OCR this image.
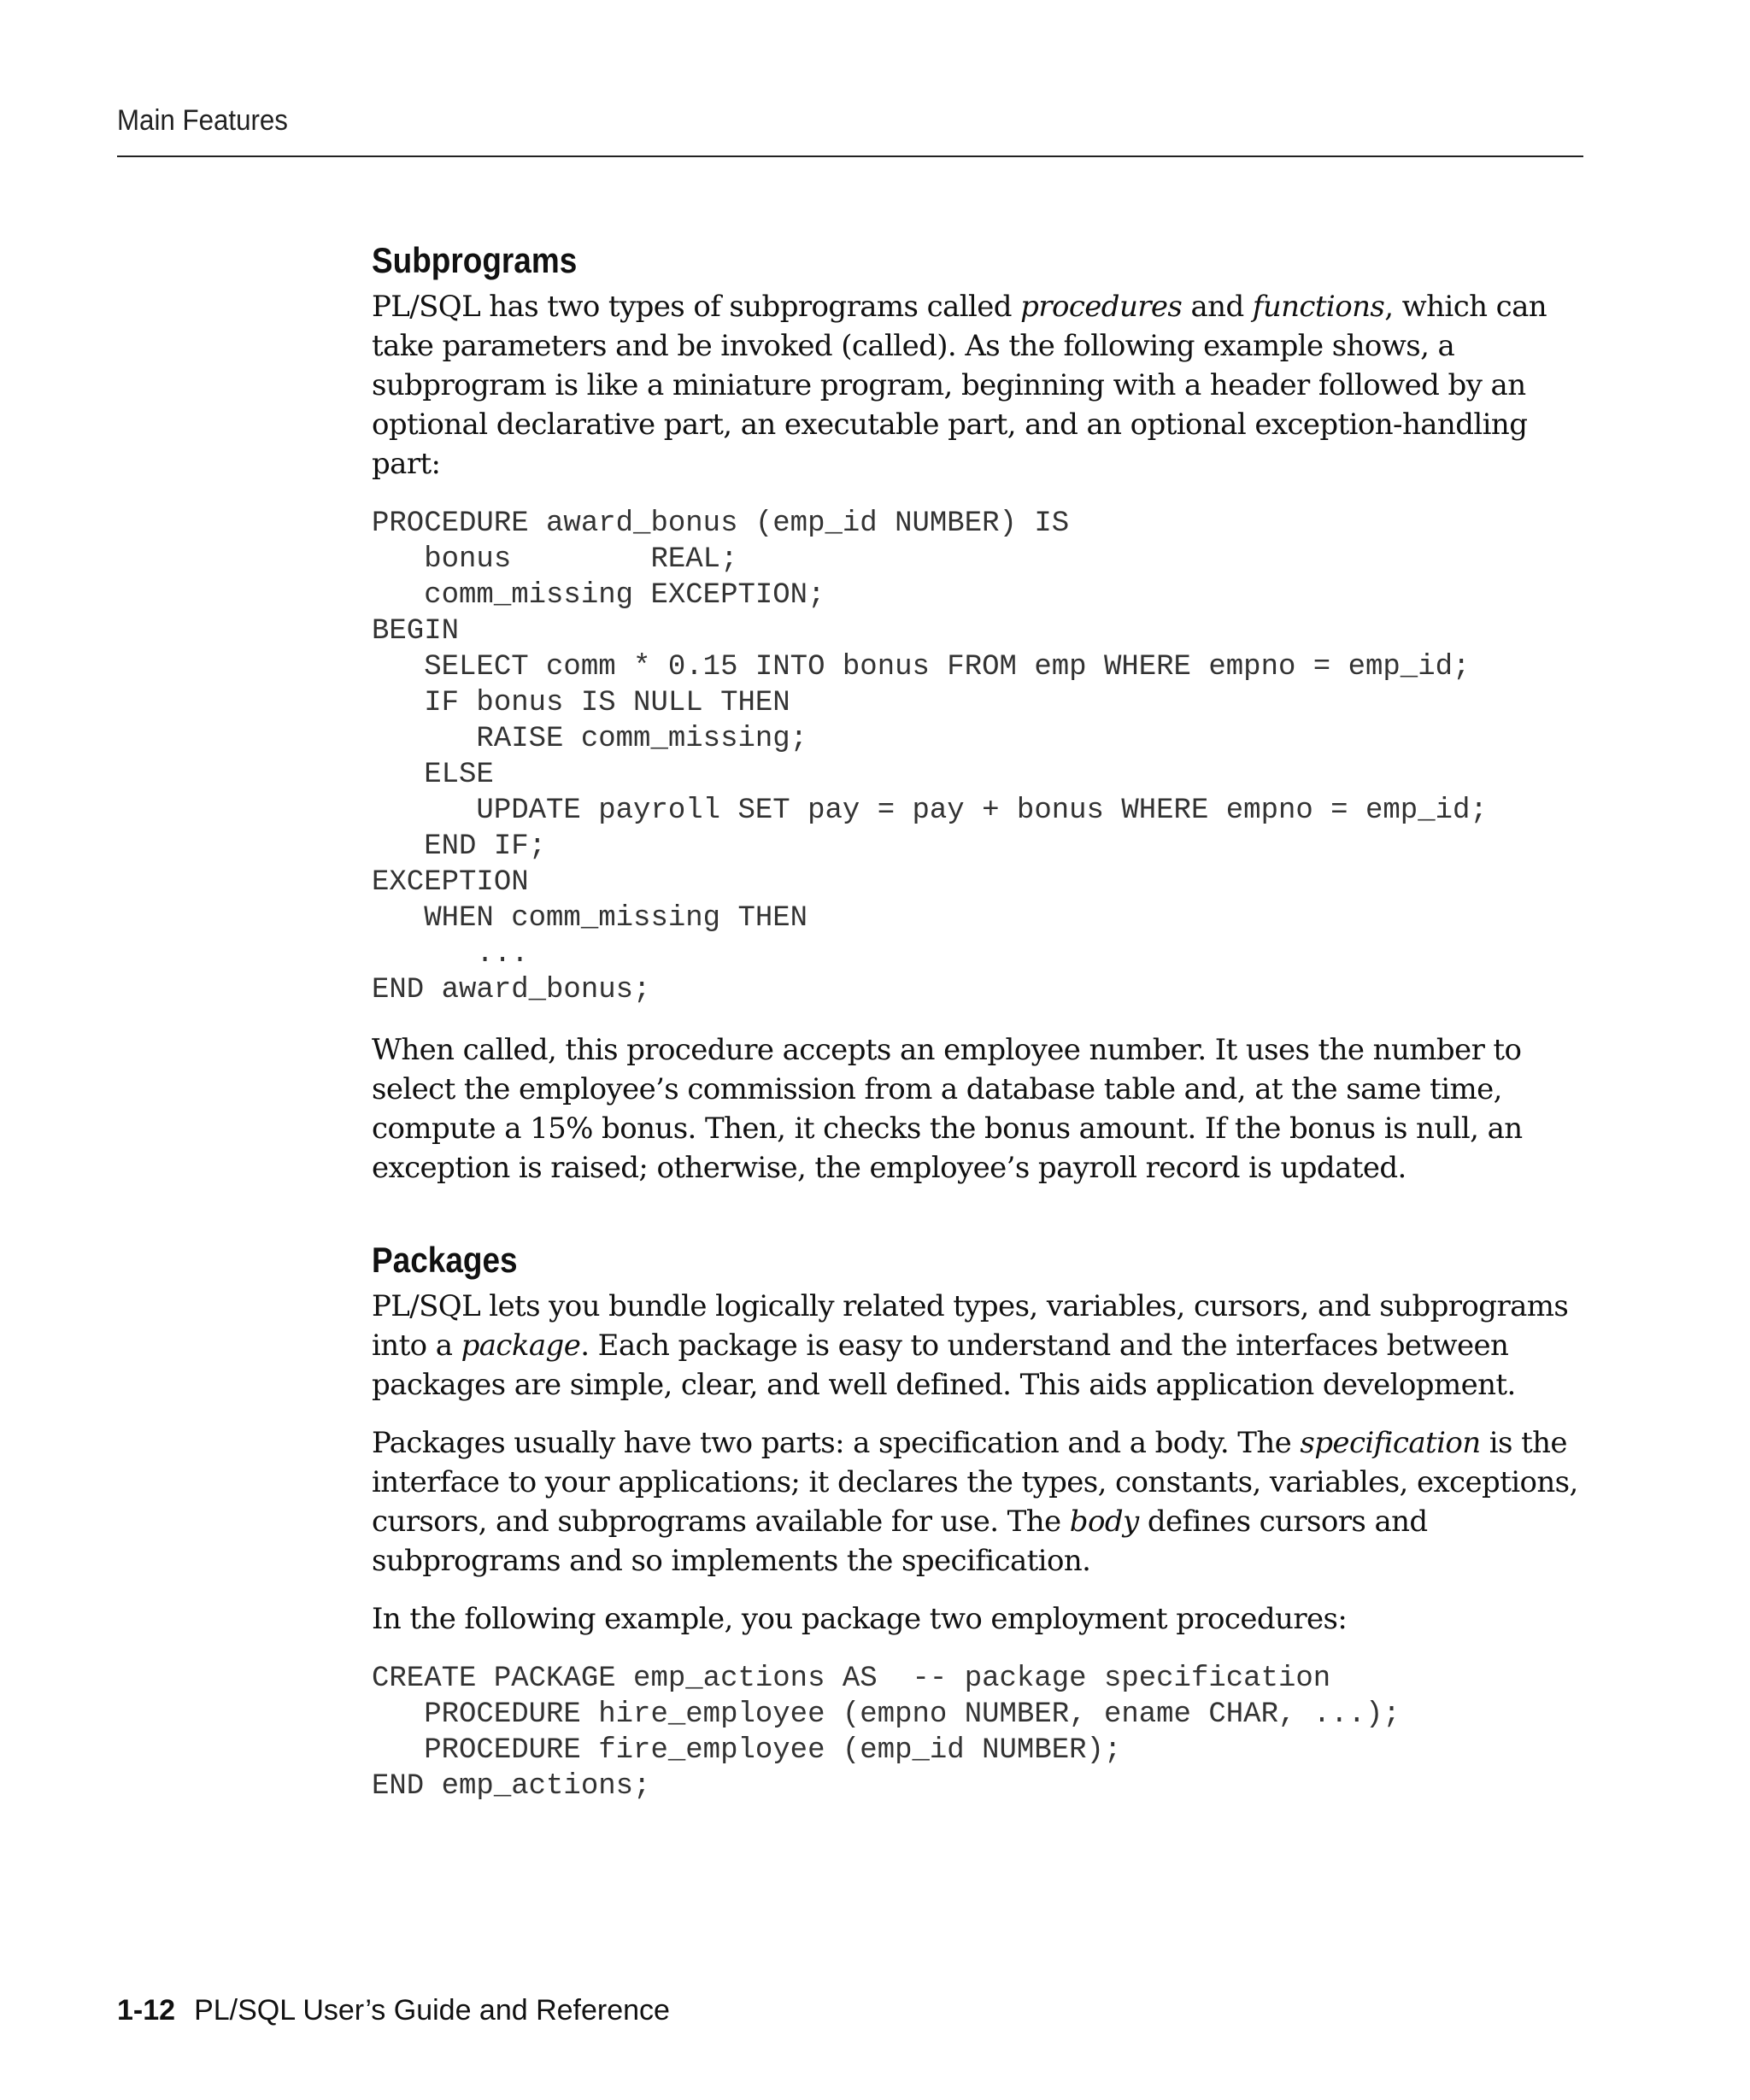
Main Features
Subprograms

PL/SQL has two types of subprograms called procedures and functions, which can take parameters and be invoked (called). As the following example shows, a subprogram is like a miniature program, beginning with a header followed by an optional declarative part, an executable part, and an optional exception-handling part:

PROCEDURE award_bonus (emp_id NUMBER) IS
bonus        REAL;
comm_missing EXCEPTION;
BEGIN
SELECT comm * 0.15 INTO bonus FROM emp WHERE empno = emp_id;
IF bonus IS NULL THEN
RAISE comm_missing;
ELSE
UPDATE payroll SET pay = pay + bonus WHERE empno = emp_id;
END IF;
EXCEPTION
WHEN comm_missing THEN
...
END award_bonus;

When called, this procedure accepts an employee number. It uses the number to select the employee’s commission from a database table and, at the same time, compute a 15% bonus. Then, it checks the bonus amount. If the bonus is null, an exception is raised; otherwise, the employee’s payroll record is updated.

Packages

PL/SQL lets you bundle logically related types, variables, cursors, and subprograms into a package. Each package is easy to understand and the interfaces between packages are simple, clear, and well defined. This aids application development.

Packages usually have two parts: a specification and a body. The specification is the interface to your applications; it declares the types, constants, variables, exceptions, cursors, and subprograms available for use. The body defines cursors and subprograms and so implements the specification.

In the following example, you package two employment procedures:

CREATE PACKAGE emp_actions AS  -- package specification
PROCEDURE hire_employee (empno NUMBER, ename CHAR, ...);
PROCEDURE fire_employee (emp_id NUMBER);
END emp_actions;
1-12 PL/SQL User’s Guide and Reference
